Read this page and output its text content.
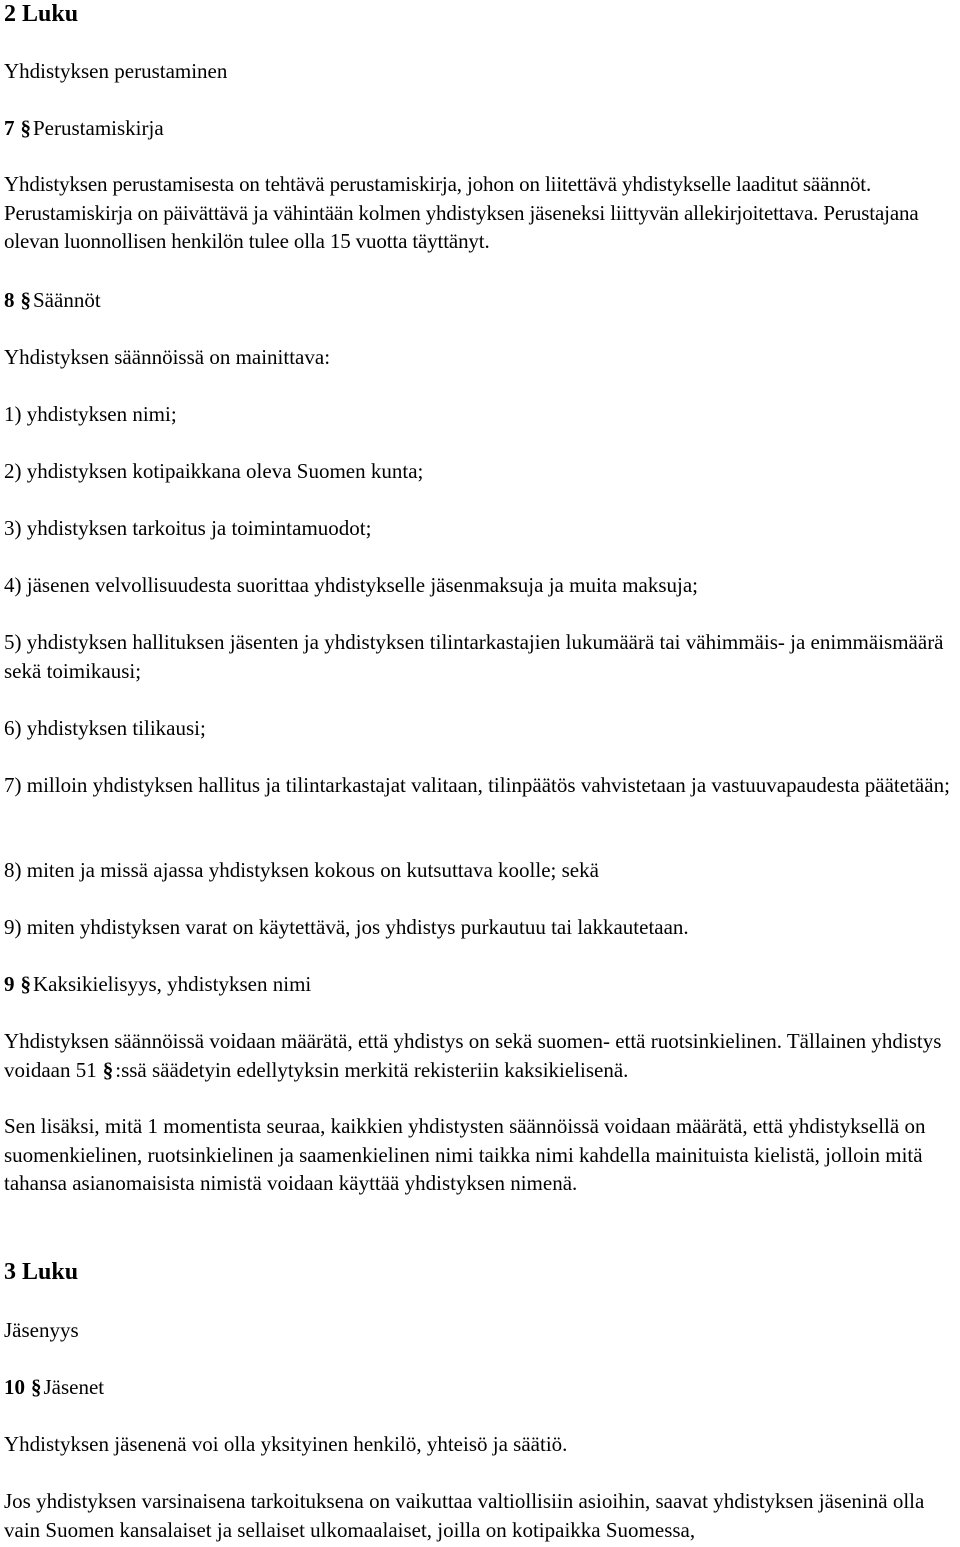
2 Luku
Yhdistyksen perustaminen
7 §Perustamiskirja
Yhdistyksen perustamisesta on tehtävä perustamiskirja, johon on liitettävä yhdistykselle laaditut säännöt. Perustamiskirja on päivättävä ja vähintään kolmen yhdistyksen jäseneksi liittyvän allekirjoitettava. Perustajana olevan luonnollisen henkilön tulee olla 15 vuotta täyttänyt.
8 §Säännöt
Yhdistyksen säännöissä on mainittava:
1) yhdistyksen nimi;
2) yhdistyksen kotipaikkana oleva Suomen kunta;
3) yhdistyksen tarkoitus ja toimintamuodot;
4) jäsenen velvollisuudesta suorittaa yhdistykselle jäsenmaksuja ja muita maksuja;
5) yhdistyksen hallituksen jäsenten ja yhdistyksen tilintarkastajien lukumäärä tai vähimmäis- ja enimmäismäärä sekä toimikausi;
6) yhdistyksen tilikausi;
7) milloin yhdistyksen hallitus ja tilintarkastajat valitaan, tilinpäätös vahvistetaan ja vastuuvapaudesta päätetään;
8) miten ja missä ajassa yhdistyksen kokous on kutsuttava koolle; sekä
9) miten yhdistyksen varat on käytettävä, jos yhdistys purkautuu tai lakkautetaan.
9 §Kaksikielisyys, yhdistyksen nimi
Yhdistyksen säännöissä voidaan määrätä, että yhdistys on sekä suomen- että ruotsinkielinen. Tällainen yhdistys voidaan 51 §:ssä säädetyin edellytyksin merkitä rekisteriin kaksikielisenä.
Sen lisäksi, mitä 1 momentista seuraa, kaikkien yhdistysten säännöissä voidaan määrätä, että yhdistyksellä on suomenkielinen, ruotsinkielinen ja saamenkielinen nimi taikka nimi kahdella mainituista kielistä, jolloin mitä tahansa asianomaisista nimistä voidaan käyttää yhdistyksen nimenä.
3 Luku
Jäsenyys
10 §Jäsenet
Yhdistyksen jäsenenä voi olla yksityinen henkilö, yhteisö ja säätiö.
Jos yhdistyksen varsinaisena tarkoituksena on vaikuttaa valtiollisiin asioihin, saavat yhdistyksen jäseninä olla vain Suomen kansalaiset ja sellaiset ulkomaalaiset, joilla on kotipaikka Suomessa,
